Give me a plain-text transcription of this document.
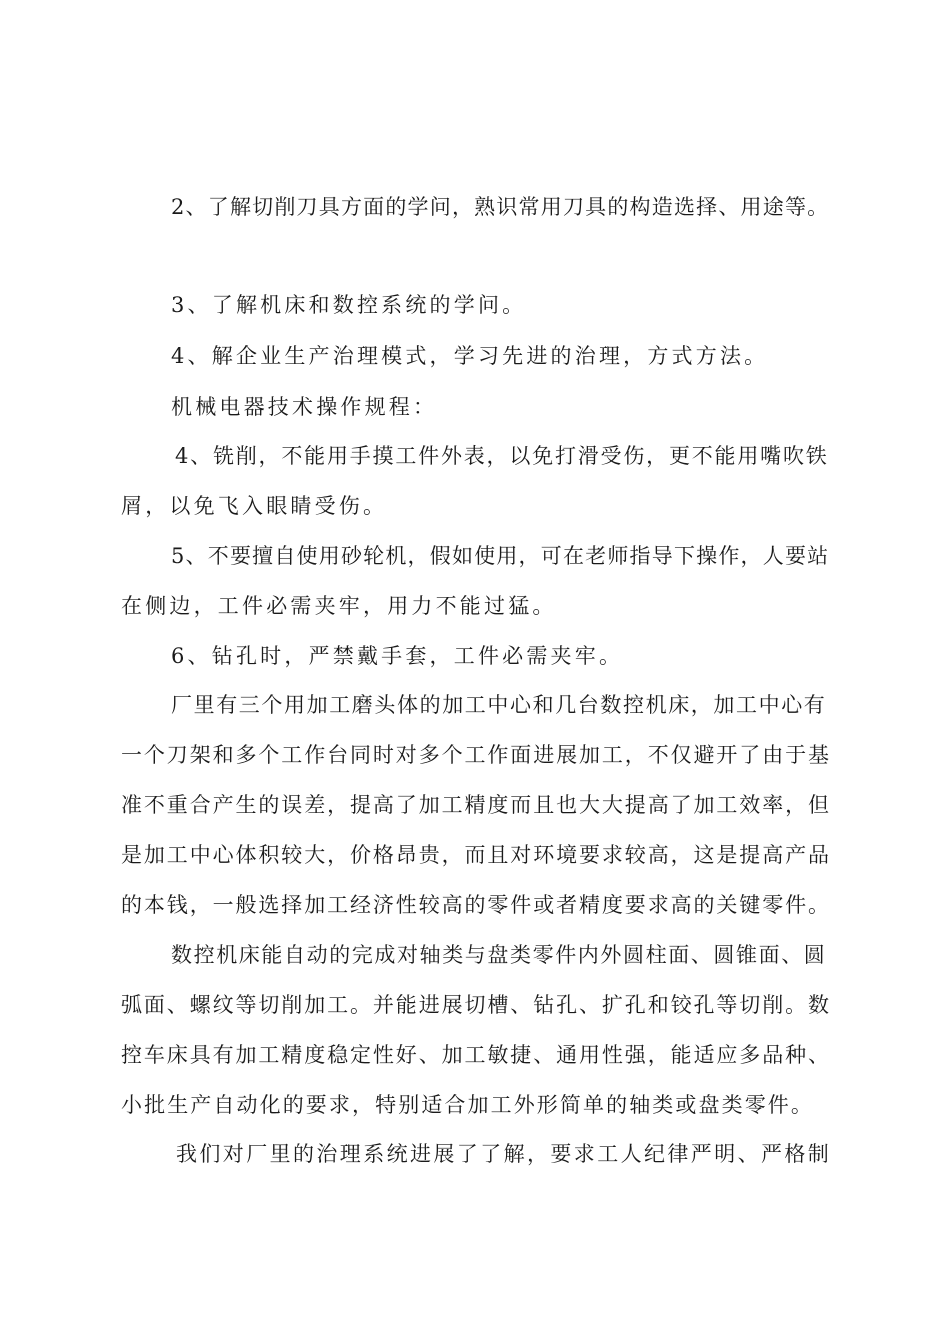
2、了解切削刀具方面的学问，熟识常用刀具的构造选择、用途等。
3、了解机床和数控系统的学问。
4、解企业生产治理模式，学习先进的治理，方式方法。
机械电器技术操作规程：
4、铣削，不能用手摸工件外表，以免打滑受伤，更不能用嘴吹铁
屑，以免飞入眼睛受伤。
5、不要擅自使用砂轮机，假如使用，可在老师指导下操作，人要站
在侧边，工件必需夹牢，用力不能过猛。
6、钻孔时，严禁戴手套，工件必需夹牢。
厂里有三个用加工磨头体的加工中心和几台数控机床，加工中心有
一个刀架和多个工作台同时对多个工作面进展加工，不仅避开了由于基
准不重合产生的误差，提高了加工精度而且也大大提高了加工效率，但
是加工中心体积较大，价格昂贵，而且对环境要求较高，这是提高产品
的本钱，一般选择加工经济性较高的零件或者精度要求高的关键零件。
数控机床能自动的完成对轴类与盘类零件内外圆柱面、圆锥面、圆
弧面、螺纹等切削加工。并能进展切槽、钻孔、扩孔和铰孔等切削。数
控车床具有加工精度稳定性好、加工敏捷、通用性强，能适应多品种、
小批生产自动化的要求，特别适合加工外形简单的轴类或盘类零件。
我们对厂里的治理系统进展了了解，要求工人纪律严明、严格制
